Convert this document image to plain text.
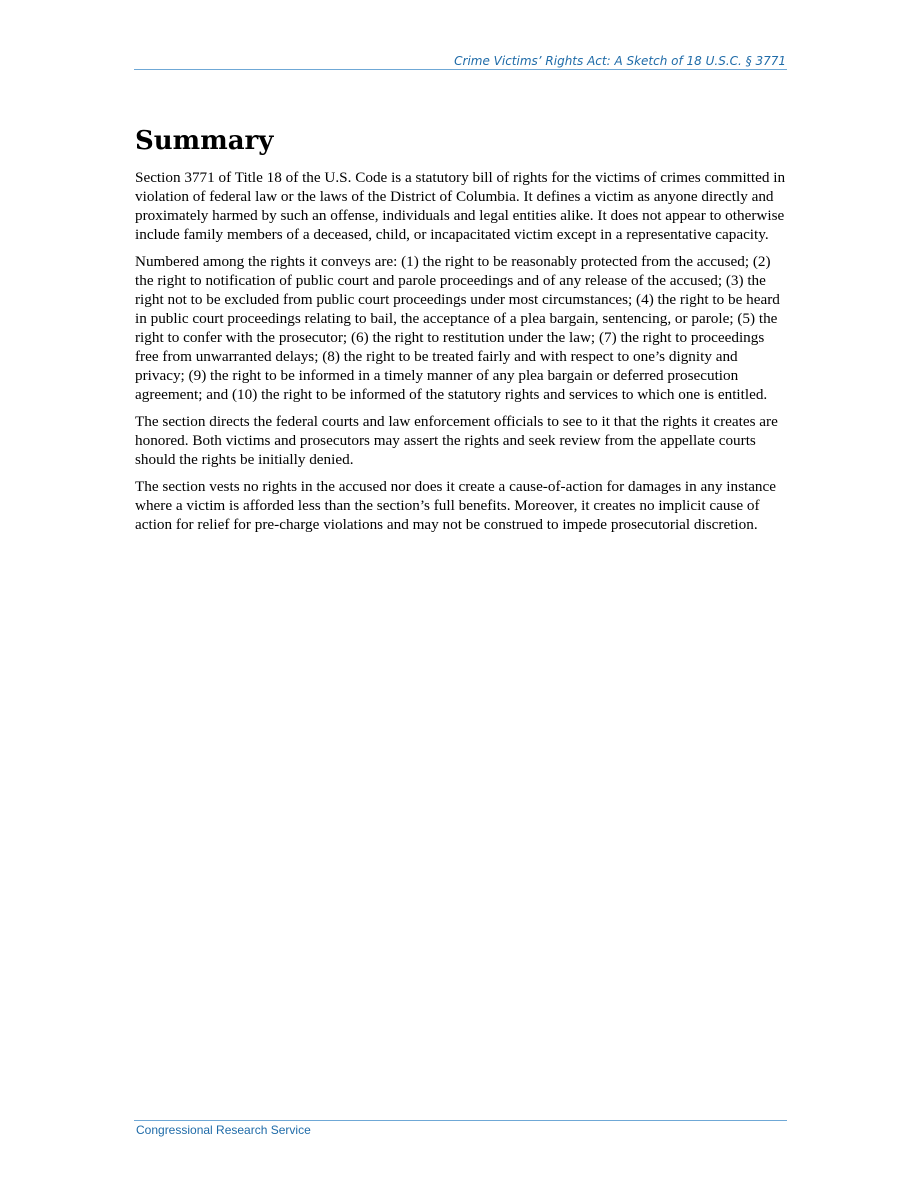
Crime Victims’ Rights Act: A Sketch of 18 U.S.C. § 3771
Summary

Section 3771 of Title 18 of the U.S. Code is a statutory bill of rights for the victims of crimes committed in violation of federal law or the laws of the District of Columbia. It defines a victim as anyone directly and proximately harmed by such an offense, individuals and legal entities alike. It does not appear to otherwise include family members of a deceased, child, or incapacitated victim except in a representative capacity.

Numbered among the rights it conveys are: (1) the right to be reasonably protected from the accused; (2) the right to notification of public court and parole proceedings and of any release of the accused; (3) the right not to be excluded from public court proceedings under most circumstances; (4) the right to be heard in public court proceedings relating to bail, the acceptance of a plea bargain, sentencing, or parole; (5) the right to confer with the prosecutor; (6) the right to restitution under the law; (7) the right to proceedings free from unwarranted delays; (8) the right to be treated fairly and with respect to one’s dignity and privacy; (9) the right to be informed in a timely manner of any plea bargain or deferred prosecution agreement; and (10) the right to be informed of the statutory rights and services to which one is entitled.

The section directs the federal courts and law enforcement officials to see to it that the rights it creates are honored. Both victims and prosecutors may assert the rights and seek review from the appellate courts should the rights be initially denied.

The section vests no rights in the accused nor does it create a cause-of-action for damages in any instance where a victim is afforded less than the section’s full benefits. Moreover, it creates no implicit cause of action for relief for pre-charge violations and may not be construed to impede prosecutorial discretion.

Congressional Research Service
